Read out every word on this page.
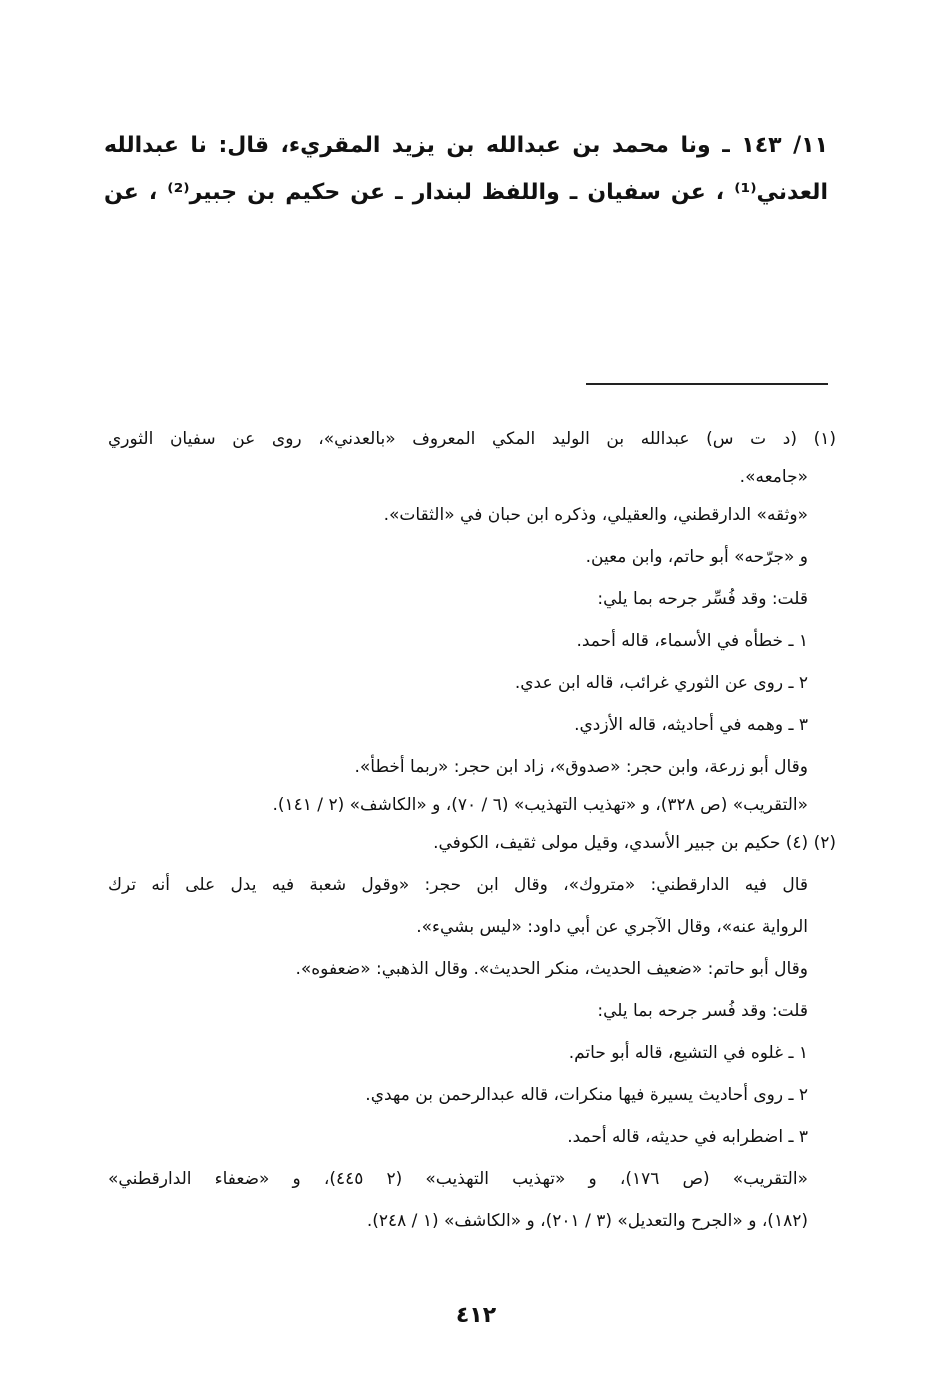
١١/ ١٤٣ ـ ونا محمد بن عبدالله بن يزيد المقريء، قال: نا عبدالله
العدني⁽¹⁾ ، عن سفيان ـ واللفظ لبندار ـ عن حكيم بن جبير⁽²⁾ ، عن
(١) (د ت س) عبدالله بن الوليد المكي المعروف «بالعدني»، روى عن سفيان الثوري
«جامعه».
«وثقه» الدارقطني، والعقيلي، وذكره ابن حبان في «الثقات».
و «جرّحه» أبو حاتم، وابن معين.
قلت: وقد فُسِّر جرحه بما يلي:
١ ـ خطأه في الأسماء، قاله أحمد.
٢ ـ روى عن الثوري غرائب، قاله ابن عدي.
٣ ـ وهمه في أحاديثه، قاله الأزدي.
وقال أبو زرعة، وابن حجر: «صدوق»، زاد ابن حجر: «ربما أخطأ».
«التقريب» (ص ٣٢٨)، و «تهذيب التهذيب» (٦ / ٧٠)، و «الكاشف» (٢ / ١٤١).
(٢) (٤) حكيم بن جبير الأسدي، وقيل مولى ثقيف، الكوفي.
قال فيه الدارقطني: «متروك»، وقال ابن حجر: «وقول شعبة فيه يدل على أنه ترك
الرواية عنه»، وقال الآجري عن أبي داود: «ليس بشيء».
وقال أبو حاتم: «ضعيف الحديث، منكر الحديث». وقال الذهبي: «ضعفوه».
قلت: وقد فُسر جرحه بما يلي:
١ ـ غلوه في التشيع، قاله أبو حاتم.
٢ ـ روى أحاديث يسيرة فيها منكرات، قاله عبدالرحمن بن مهدي.
٣ ـ اضطرابه في حديثه، قاله أحمد.
«التقريب» (ص ١٧٦)، و «تهذيب التهذيب» (٢ ٤٤٥)، و «ضعفاء الدارقطني»
(١٨٢)، و «الجرح والتعديل» (٣ / ٢٠١)، و «الكاشف» (١ / ٢٤٨).
٤١٢
